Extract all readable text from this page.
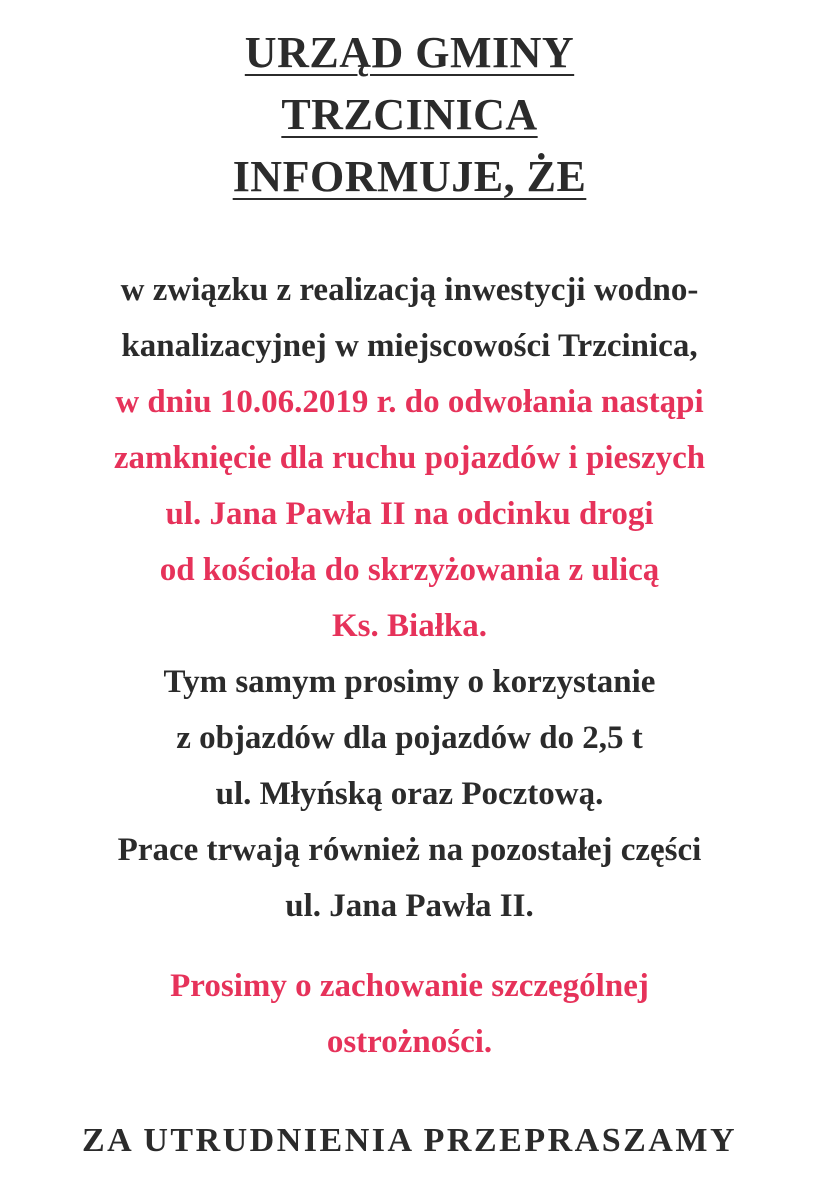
URZĄD GMINY
TRZCINICA
INFORMUJE, ŻE
w związku z realizacją inwestycji wodno-
kanalizacyjnej w miejscowości Trzcinica,
w dniu 10.06.2019 r. do odwołania nastąpi
zamknięcie dla ruchu pojazdów i pieszych
ul. Jana Pawła II na odcinku drogi
od kościoła do skrzyżowania z ulicą
Ks. Białka.
Tym samym prosimy o korzystanie
z objazdów dla pojazdów do 2,5 t
ul. Młyńską oraz Pocztową.
Prace trwają również na pozostałej części
ul. Jana Pawła II.
Prosimy o zachowanie szczególnej
ostrożności.
ZA UTRUDNIENIA PRZEPRASZAMY
